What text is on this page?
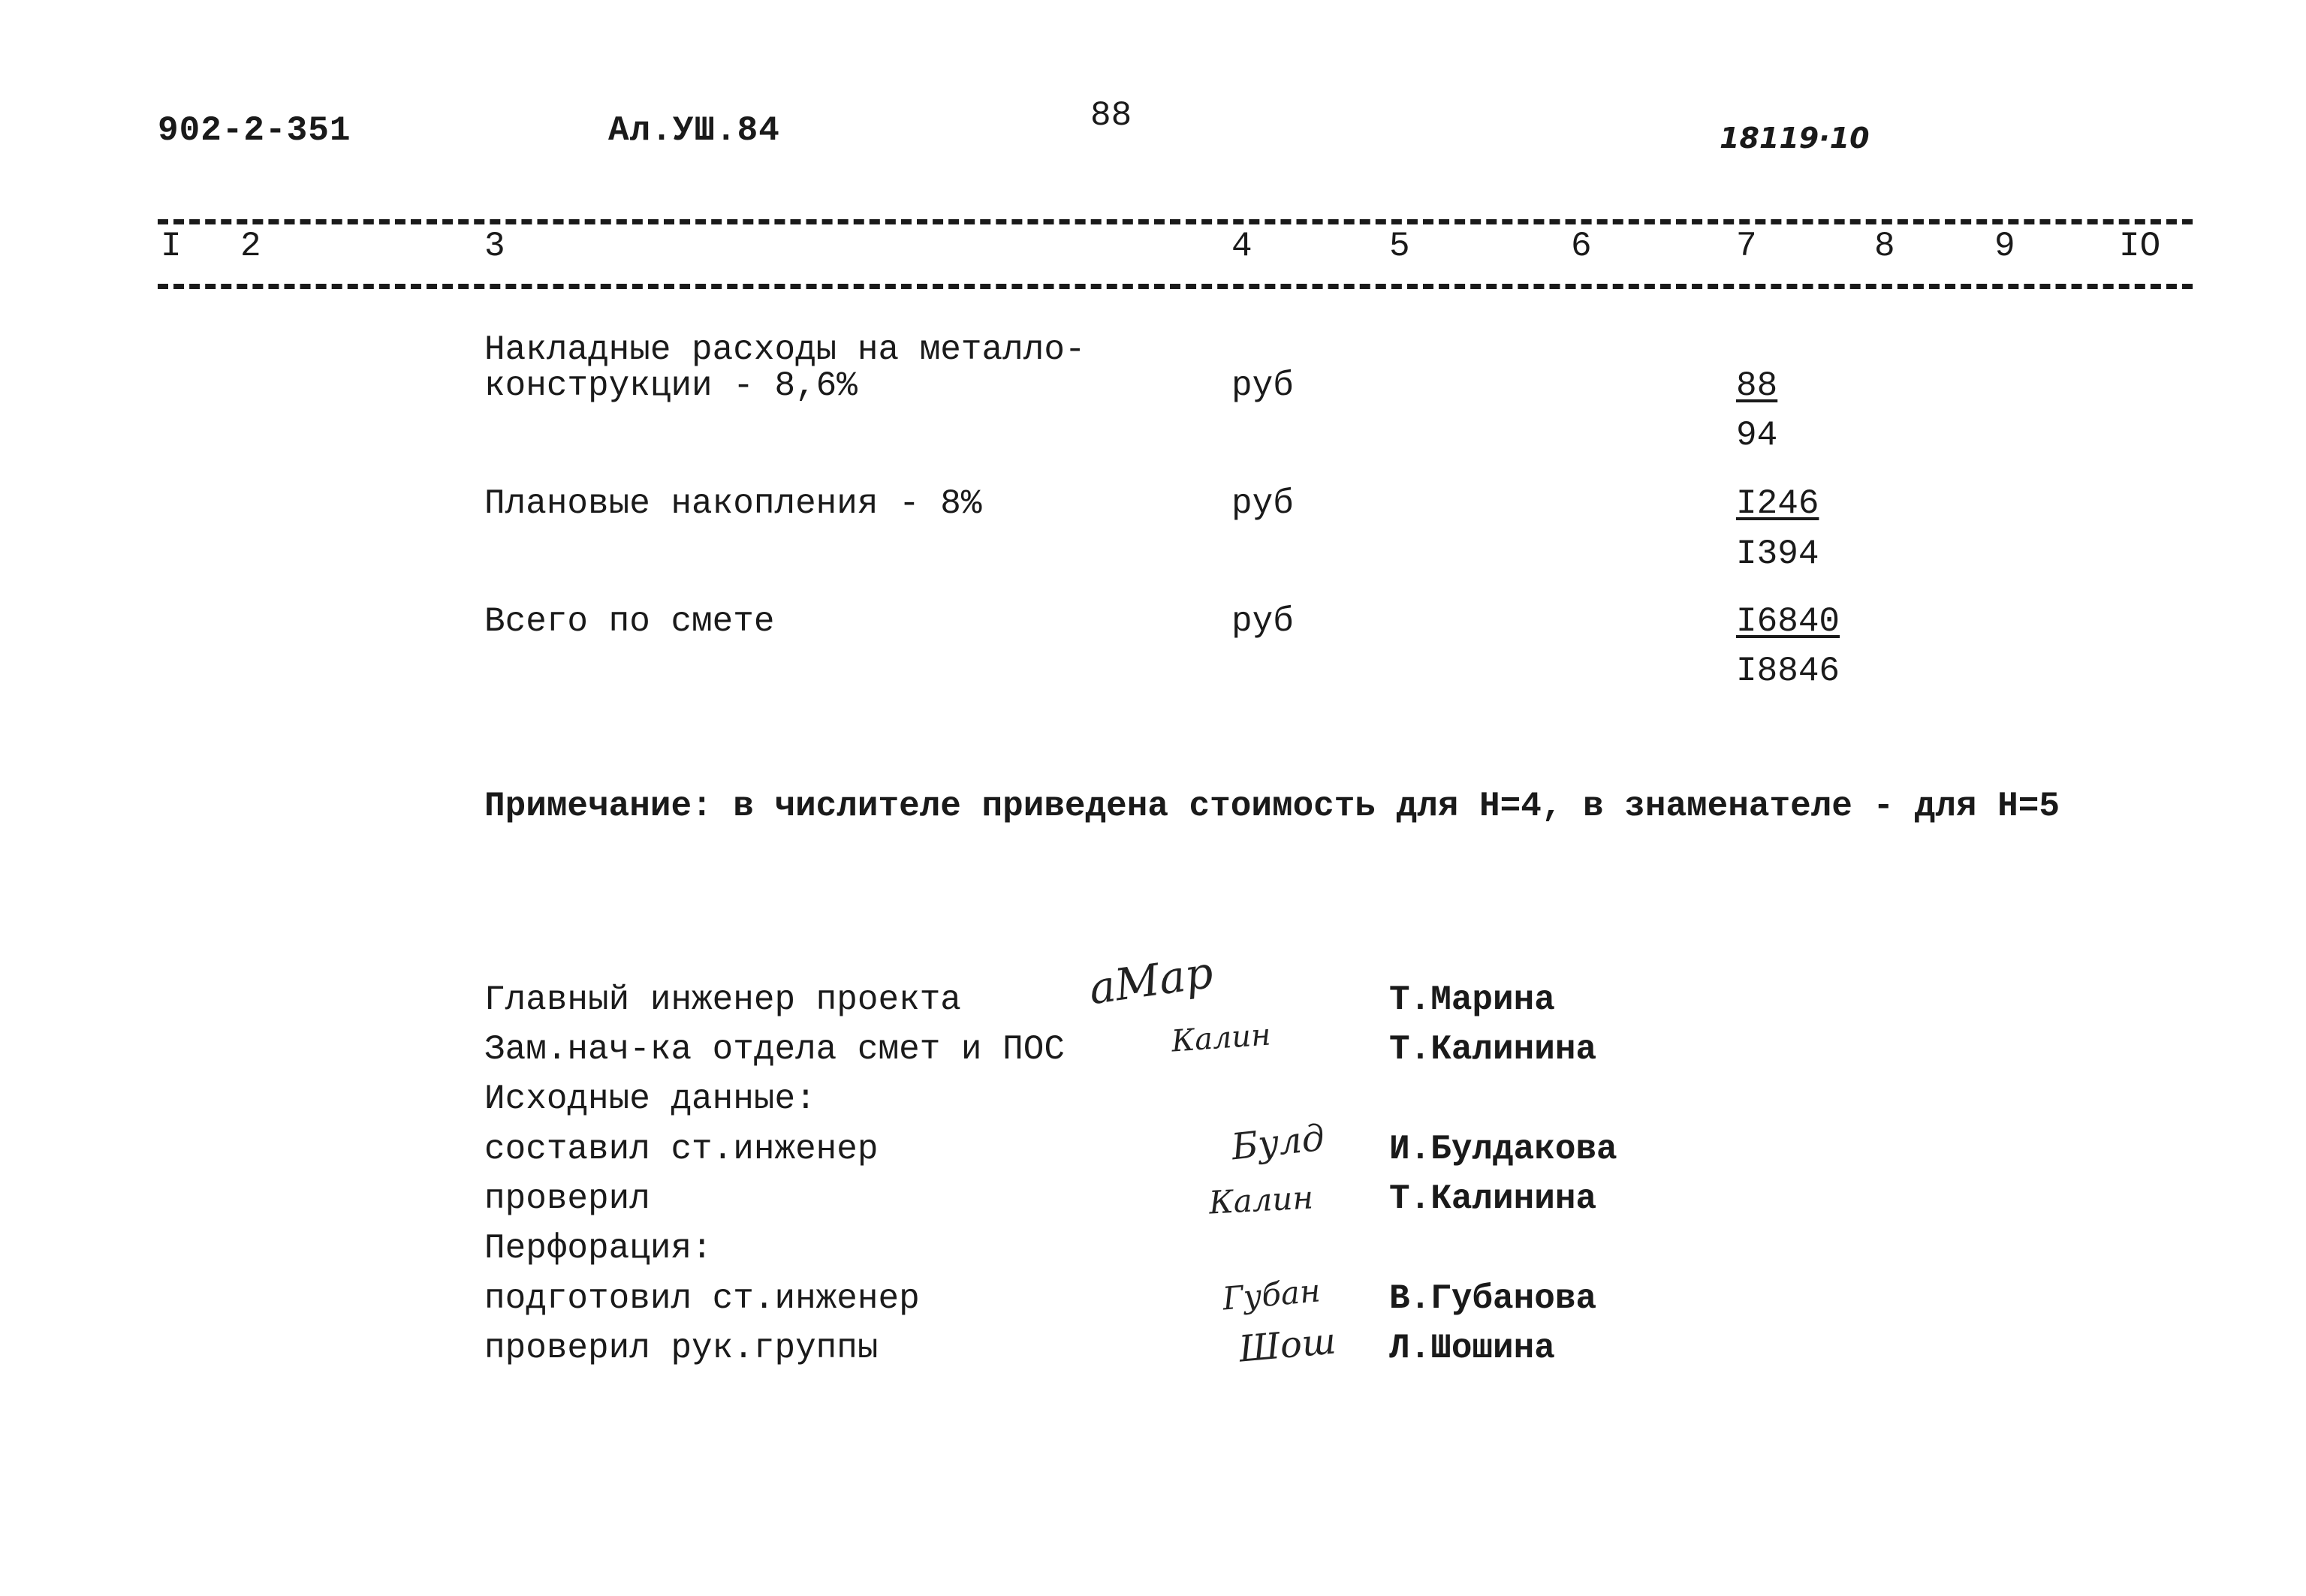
902-2-351	Ал.УШ.84	88
18119·10
I 2	3	4	5	6	7	8	9	IO
Накладные расходы на металло-
конструкции - 8,6%	руб	88
94
Плановые накопления - 8%	руб	I246
I394
Всего по смете	руб	I6840
I8846
Примечание: в числителе приведена стоимость для Н=4, в знаменателе - для Н=5
Главный инженер проекта	аМар	Т.Марина
Зам.нач-ка отдела смет и ПОС	Калин	Т.Калинина
Исходные данные:
составил ст.инженер	Булд И.Булдакова
проверил	Калин Т.Калинина
Перфорация:
подготовил ст.инженер	Губан В.Губанова
проверил рук.группы	Шош Л.Шошина
